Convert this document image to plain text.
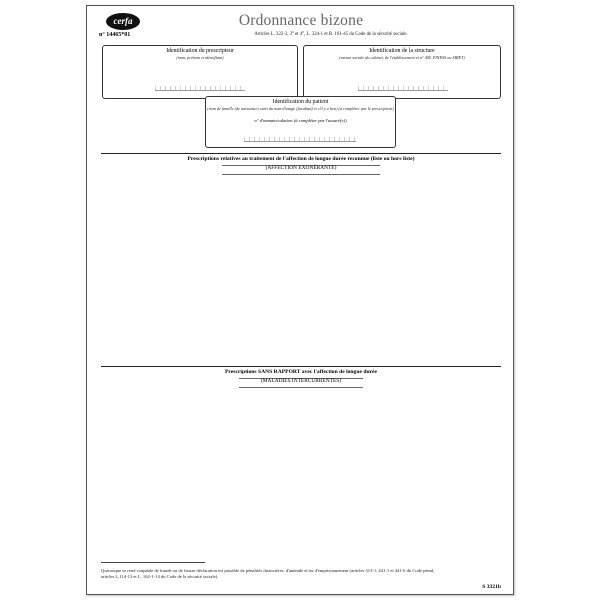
cerfa
n° 14465*01
Ordonnance bizone
Articles L. 322-3, 3° et 4°, L. 324-1 et R. 161-45 du Code de la sécurité sociale.
Identification du prescripteur
(nom, prénom et identifiant)
Identification de la structure
(raison sociale du cabinet, de l'établissement et n° AM, FINESS ou SIRET)
Identification du patient
(nom de famille (de naissance) suivi du nom d'usage (facultatif et s'il y a lieu) (à compléter par le prescripteur)
n° d'immatriculation (à compléter par l'assuré(e))
Prescriptions relatives au traitement de l'affection de longue durée reconnue (liste ou hors liste)
(AFFECTION EXONÉRANTE)
Prescriptions SANS RAPPORT avec l'affection de longue durée
(MALADIES INTERCURRENTES)
Quiconque se rend coupable de fraude ou de fausse déclaration est passible de pénalités financières, d'amende et/ou d'emprisonnement (articles 313-1, 441-1 et 441-6 du Code pénal, articles L.114-13 et L. 162-1-14 du Code de la sécurité sociale).
S 3321b
